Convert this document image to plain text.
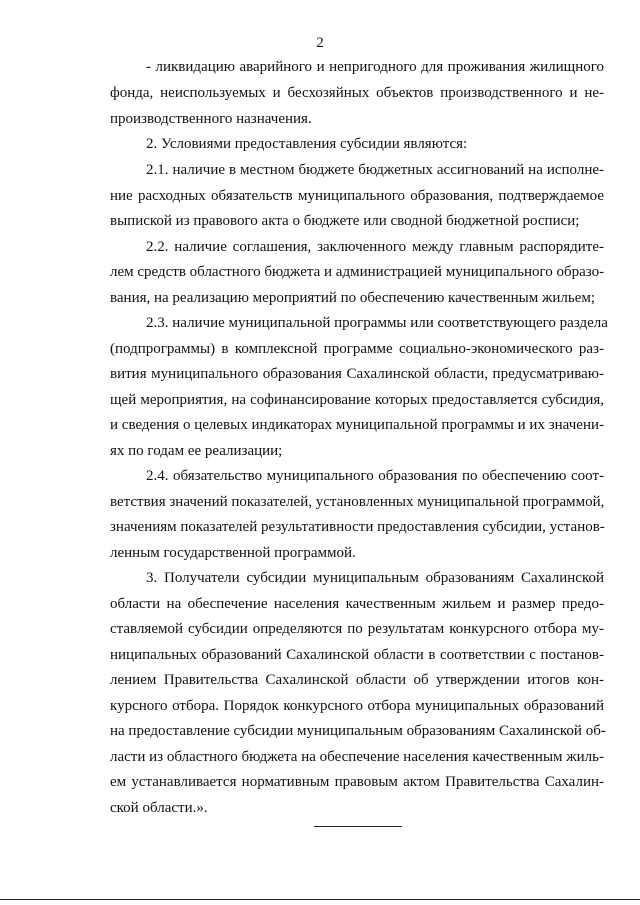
2
- ликвидацию аварийного и непригодного для проживания жилищного
фонда, неиспользуемых и бесхозяйных объектов производственного и не-
производственного назначения.
2. Условиями предоставления субсидии являются:
2.1. наличие в местном бюджете бюджетных ассигнований на исполне-
ние расходных обязательств муниципального образования, подтверждаемое
выпиской из правового акта о бюджете или сводной бюджетной росписи;
2.2. наличие соглашения, заключенного между главным распорядите-
лем средств областного бюджета и администрацией муниципального образо-
вания, на реализацию мероприятий по обеспечению качественным жильем;
2.3. наличие муниципальной программы или соответствующего раздела
(подпрограммы) в комплексной программе социально-экономического раз-
вития муниципального образования Сахалинской области, предусматриваю-
щей мероприятия, на софинансирование которых предоставляется субсидия,
и сведения о целевых индикаторах муниципальной программы и их значени-
ях по годам ее реализации;
2.4. обязательство муниципального образования по обеспечению соот-
ветствия значений показателей, установленных муниципальной программой,
значениям показателей результативности предоставления субсидии, установ-
ленным государственной программой.
3. Получатели субсидии муниципальным образованиям Сахалинской
области на обеспечение населения качественным жильем и размер предо-
ставляемой субсидии определяются по результатам конкурсного отбора му-
ниципальных образований Сахалинской области в соответствии с постанов-
лением Правительства Сахалинской области об утверждении итогов кон-
курсного отбора. Порядок конкурсного отбора муниципальных образований
на предоставление субсидии муниципальным образованиям Сахалинской об-
ласти из областного бюджета на обеспечение населения качественным жиль-
ем устанавливается нормативным правовым актом Правительства Сахалин-
ской области.».
